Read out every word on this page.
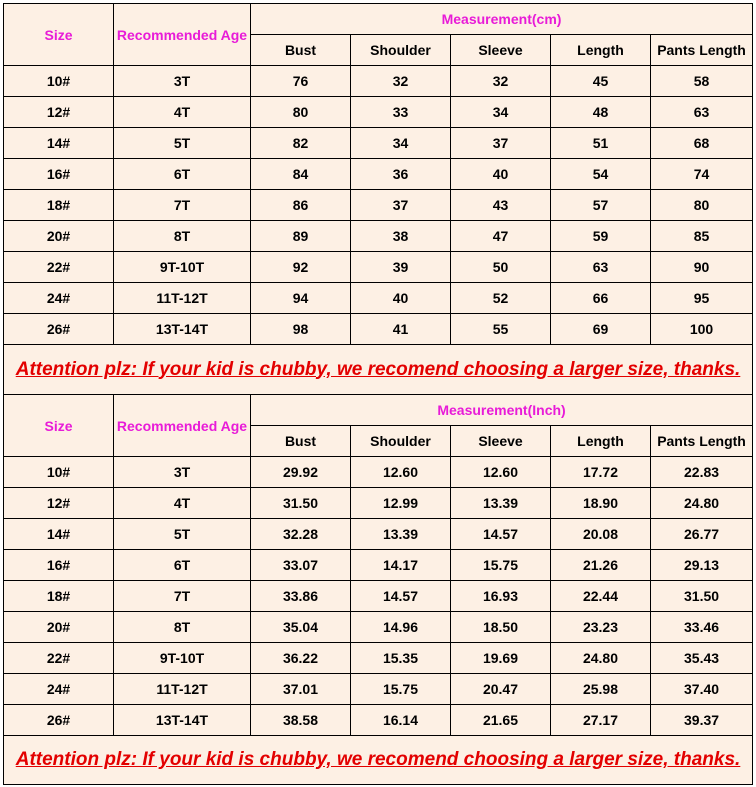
Size	Recommended Age	Measurement(cm)				
		Bust	Shoulder	Sleeve	Length	Pants Length
10#	3T	76	32	32	45	58
12#	4T	80	33	34	48	63
14#	5T	82	34	37	51	68
16#	6T	84	36	40	54	74
18#	7T	86	37	43	57	80
20#	8T	89	38	47	59	85
22#	9T-10T	92	39	50	63	90
24#	11T-12T	94	40	52	66	95
26#	13T-14T	98	41	55	69	100
Attention plz: If your kid is chubby, we recomend choosing a larger size, thanks.						
Size	Recommended Age	Measurement(Inch)				
		Bust	Shoulder	Sleeve	Length	Pants Length
10#	3T	29.92	12.60	12.60	17.72	22.83
12#	4T	31.50	12.99	13.39	18.90	24.80
14#	5T	32.28	13.39	14.57	20.08	26.77
16#	6T	33.07	14.17	15.75	21.26	29.13
18#	7T	33.86	14.57	16.93	22.44	31.50
20#	8T	35.04	14.96	18.50	23.23	33.46
22#	9T-10T	36.22	15.35	19.69	24.80	35.43
24#	11T-12T	37.01	15.75	20.47	25.98	37.40
26#	13T-14T	38.58	16.14	21.65	27.17	39.37
Attention plz: If your kid is chubby, we recomend choosing a larger size, thanks.						
